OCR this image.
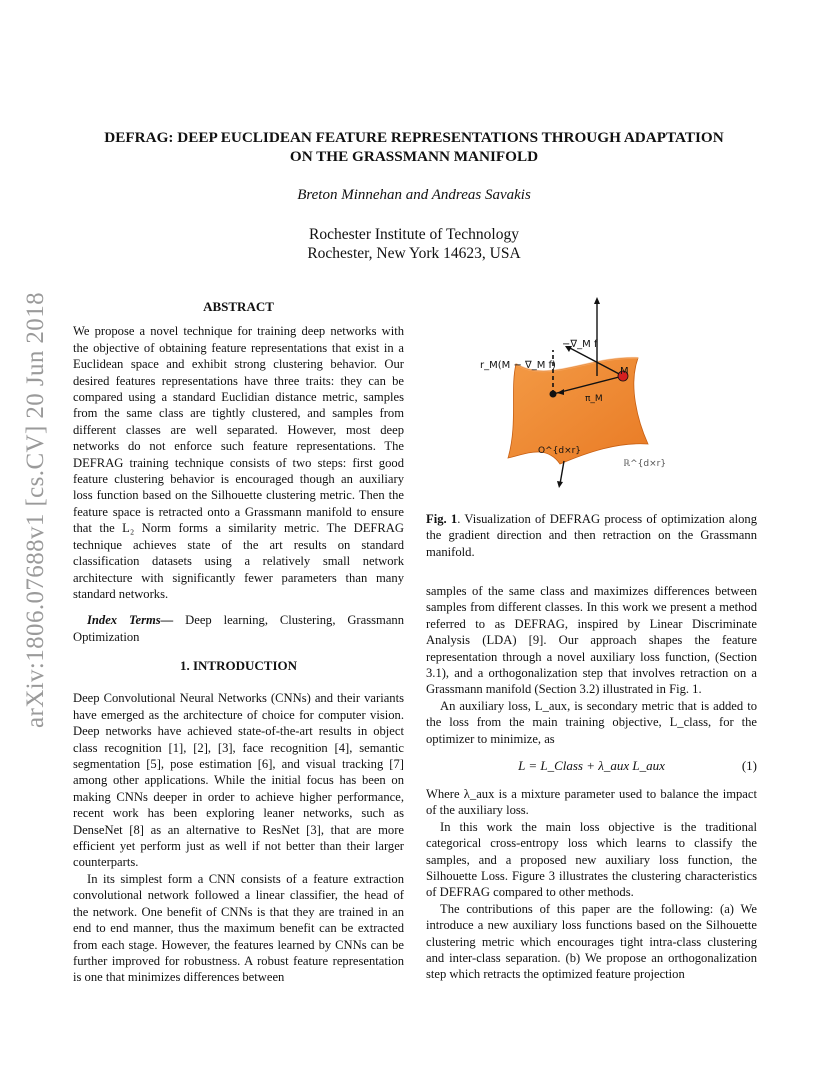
arXiv:1806.07688v1 [cs.CV] 20 Jun 2018
DEFRAG: DEEP EUCLIDEAN FEATURE REPRESENTATIONS THROUGH ADAPTATION
ON THE GRASSMANN MANIFOLD
Breton Minnehan and Andreas Savakis
Rochester Institute of Technology
Rochester, New York 14623, USA

ABSTRACT

We propose a novel technique for training deep networks with the objective of obtaining feature representations that exist in a Euclidean space and exhibit strong clustering behavior. Our desired features representations have three traits: they can be compared using a standard Euclidian distance metric, samples from the same class are tightly clustered, and samples from different classes are well separated. However, most deep networks do not enforce such feature representations. The DEFRAG training technique consists of two steps: first good feature clustering behavior is encouraged though an auxiliary loss function based on the Silhouette clustering metric. Then the feature space is retracted onto a Grassmann manifold to ensure that the L₂ Norm forms a similarity metric. The DEFRAG technique achieves state of the art results on standard classification datasets using a relatively small network architecture with significantly fewer parameters than many standard networks.

Index Terms— Deep learning, Clustering, Grassmann Optimization

1. INTRODUCTION

Deep Convolutional Neural Networks (CNNs) and their variants have emerged as the architecture of choice for computer vision. Deep networks have achieved state-of-the-art results in object class recognition [1], [2], [3], face recognition [4], semantic segmentation [5], pose estimation [6], and visual tracking [7] among other applications. While the initial focus has been on making CNNs deeper in order to achieve higher performance, recent work has been exploring leaner networks, such as DenseNet [8] as an alternative to ResNet [3], that are more efficient yet perform just as well if not better than their larger counterparts.

In its simplest form a CNN consists of a feature extraction convolutional network followed a linear classifier, the head of the network. One benefit of CNNs is that they are trained in an end to end manner, thus the maximum benefit can be extracted from each stage. However, the features learned by CNNs can be further improved for robustness. A robust feature representation is one that minimizes differences between

r_M(M − ∇_M f)
−∇_M f
M
π_M
O^{d×r}
ℝ^{d×r}

Fig. 1. Visualization of DEFRAG process of optimization along the gradient direction and then retraction on the Grassmann manifold.

samples of the same class and maximizes differences between samples from different classes. In this work we present a method referred to as DEFRAG, inspired by Linear Discriminate Analysis (LDA) [9]. Our approach shapes the feature representation through a novel auxiliary loss function, (Section 3.1), and a orthogonalization step that involves retraction on a Grassmann manifold (Section 3.2) illustrated in Fig. 1.

An auxiliary loss, L_aux, is secondary metric that is added to the loss from the main training objective, L_class, for the optimizer to minimize, as

L = L_Class + λ_aux L_aux	(1)

Where λ_aux is a mixture parameter used to balance the impact of the auxiliary loss.

In this work the main loss objective is the traditional categorical cross-entropy loss which learns to classify the samples, and a proposed new auxiliary loss function, the Silhouette Loss. Figure 3 illustrates the clustering characteristics of DEFRAG compared to other methods.

The contributions of this paper are the following: (a) We introduce a new auxiliary loss functions based on the Silhouette clustering metric which encourages tight intra-class clustering and inter-class separation. (b) We propose an orthogonalization step which retracts the optimized feature projection
